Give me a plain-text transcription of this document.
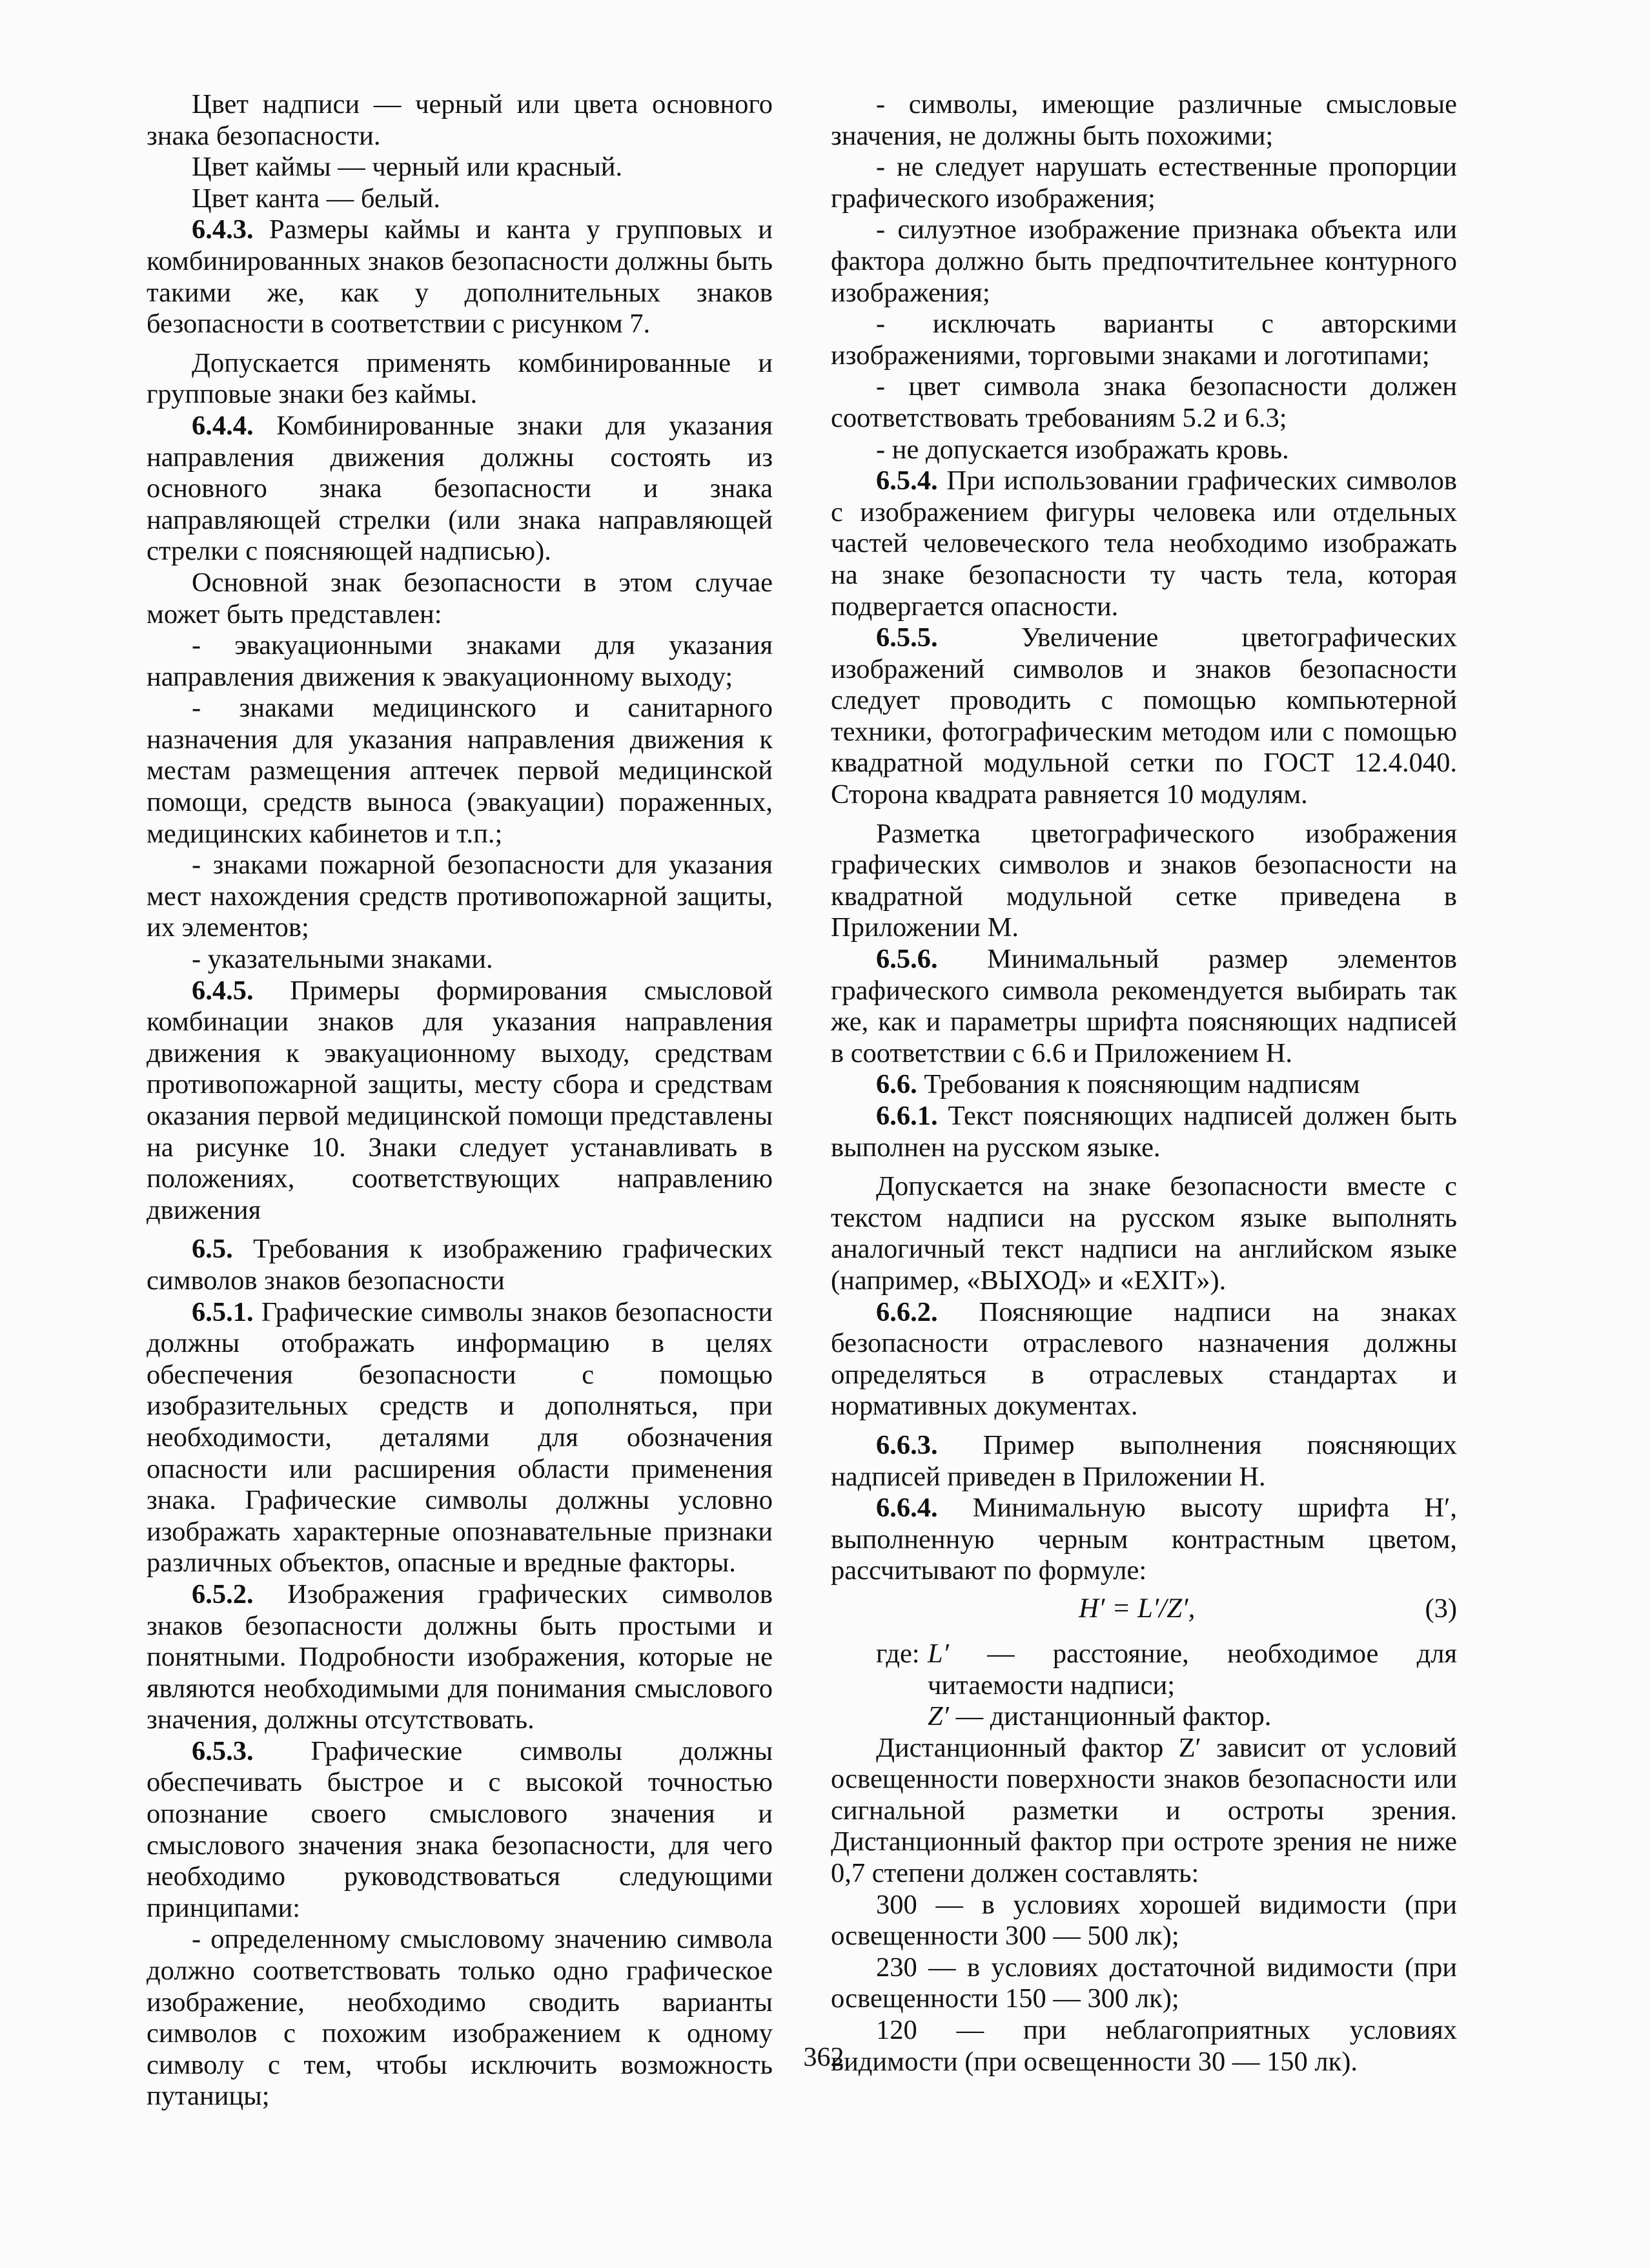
Цвет надписи — черный или цвета основного знака безопасности.

Цвет каймы — черный или красный.

Цвет канта — белый.

6.4.3. Размеры каймы и канта у групповых и комбинированных знаков безопасности должны быть такими же, как у дополнительных знаков безопасности в соответствии с рисунком 7.

Допускается применять комбинированные и групповые знаки без каймы.

6.4.4. Комбинированные знаки для указания направления движения должны состоять из основного знака безопасности и знака направляющей стрелки (или знака направляющей стрелки с поясняющей надписью).

Основной знак безопасности в этом случае может быть представлен:

- эвакуационными знаками для указания направления движения к эвакуационному выходу;

- знаками медицинского и санитарного назначения для указания направления движения к местам размещения аптечек первой медицинской помощи, средств выноса (эвакуации) пораженных, медицинских кабинетов и т.п.;

- знаками пожарной безопасности для указания мест нахождения средств противопожарной защиты, их элементов;

- указательными знаками.

6.4.5. Примеры формирования смысловой комбинации знаков для указания направления движения к эвакуационному выходу, средствам противопожарной защиты, месту сбора и средствам оказания первой медицинской помощи представлены на рисунке 10. Знаки следует устанавливать в положениях, соответствующих направлению движения

6.5. Требования к изображению графических символов знаков безопасности

6.5.1. Графические символы знаков безопасности должны отображать информацию в целях обеспечения безопасности с помощью изобразительных средств и дополняться, при необходимости, деталями для обозначения опасности или расширения области применения знака. Графические символы должны условно изображать характерные опознавательные признаки различных объектов, опасные и вредные факторы.

6.5.2. Изображения графических символов знаков безопасности должны быть простыми и понятными. Подробности изображения, которые не являются необходимыми для понимания смыслового значения, должны отсутствовать.

6.5.3. Графические символы должны обеспечивать быстрое и с высокой точностью опознание своего смыслового значения и смыслового значения знака безопасности, для чего необходимо руководствоваться следующими принципами:

- определенному смысловому значению символа должно соответствовать только одно графическое изображение, необходимо сводить варианты символов с похожим изображением к одному символу с тем, чтобы исключить возможность путаницы;

- символы, имеющие различные смысловые значения, не должны быть похожими;

- не следует нарушать естественные пропорции графического изображения;

- силуэтное изображение признака объекта или фактора должно быть предпочтительнее контурного изображения;

- исключать варианты с авторскими изображениями, торговыми знаками и логотипами;

- цвет символа знака безопасности должен соответствовать требованиям 5.2 и 6.3;

- не допускается изображать кровь.

6.5.4. При использовании графических символов с изображением фигуры человека или отдельных частей человеческого тела необходимо изображать на знаке безопасности ту часть тела, которая подвергается опасности.

6.5.5. Увеличение цветографических изображений символов и знаков безопасности следует проводить с помощью компьютерной техники, фотографическим методом или с помощью квадратной модульной сетки по ГОСТ 12.4.040. Сторона квадрата равняется 10 модулям.

Разметка цветографического изображения графических символов и знаков безопасности на квадратной модульной сетке приведена в Приложении М.

6.5.6. Минимальный размер элементов графического символа рекомендуется выбирать так же, как и параметры шрифта поясняющих надписей в соответствии с 6.6 и Приложением Н.

6.6. Требования к поясняющим надписям

6.6.1. Текст поясняющих надписей должен быть выполнен на русском языке.

Допускается на знаке безопасности вместе с текстом надписи на русском языке выполнять аналогичный текст надписи на английском языке (например, «ВЫХОД» и «EXIT»).

6.6.2. Поясняющие надписи на знаках безопасности отраслевого назначения должны определяться в отраслевых стандартах и нормативных документах.

6.6.3. Пример выполнения поясняющих надписей приведен в Приложении Н.

6.6.4. Минимальную высоту шрифта H′, выполненную черным контрастным цветом, рассчитывают по формуле:

H′ = L′/Z′,	(3)
где: L′ — расстояние, необходимое для читаемости надписи;
Z′ — дистанционный фактор.

Дистанционный фактор Z′ зависит от условий освещенности поверхности знаков безопасности или сигнальной разметки и остроты зрения. Дистанционный фактор при остроте зрения не ниже 0,7 степени должен составлять:

300 — в условиях хорошей видимости (при освещенности 300 — 500 лк);

230 — в условиях достаточной видимости (при освещенности 150 — 300 лк);

120 — при неблагоприятных условиях видимости (при освещенности 30 — 150 лк).

362
